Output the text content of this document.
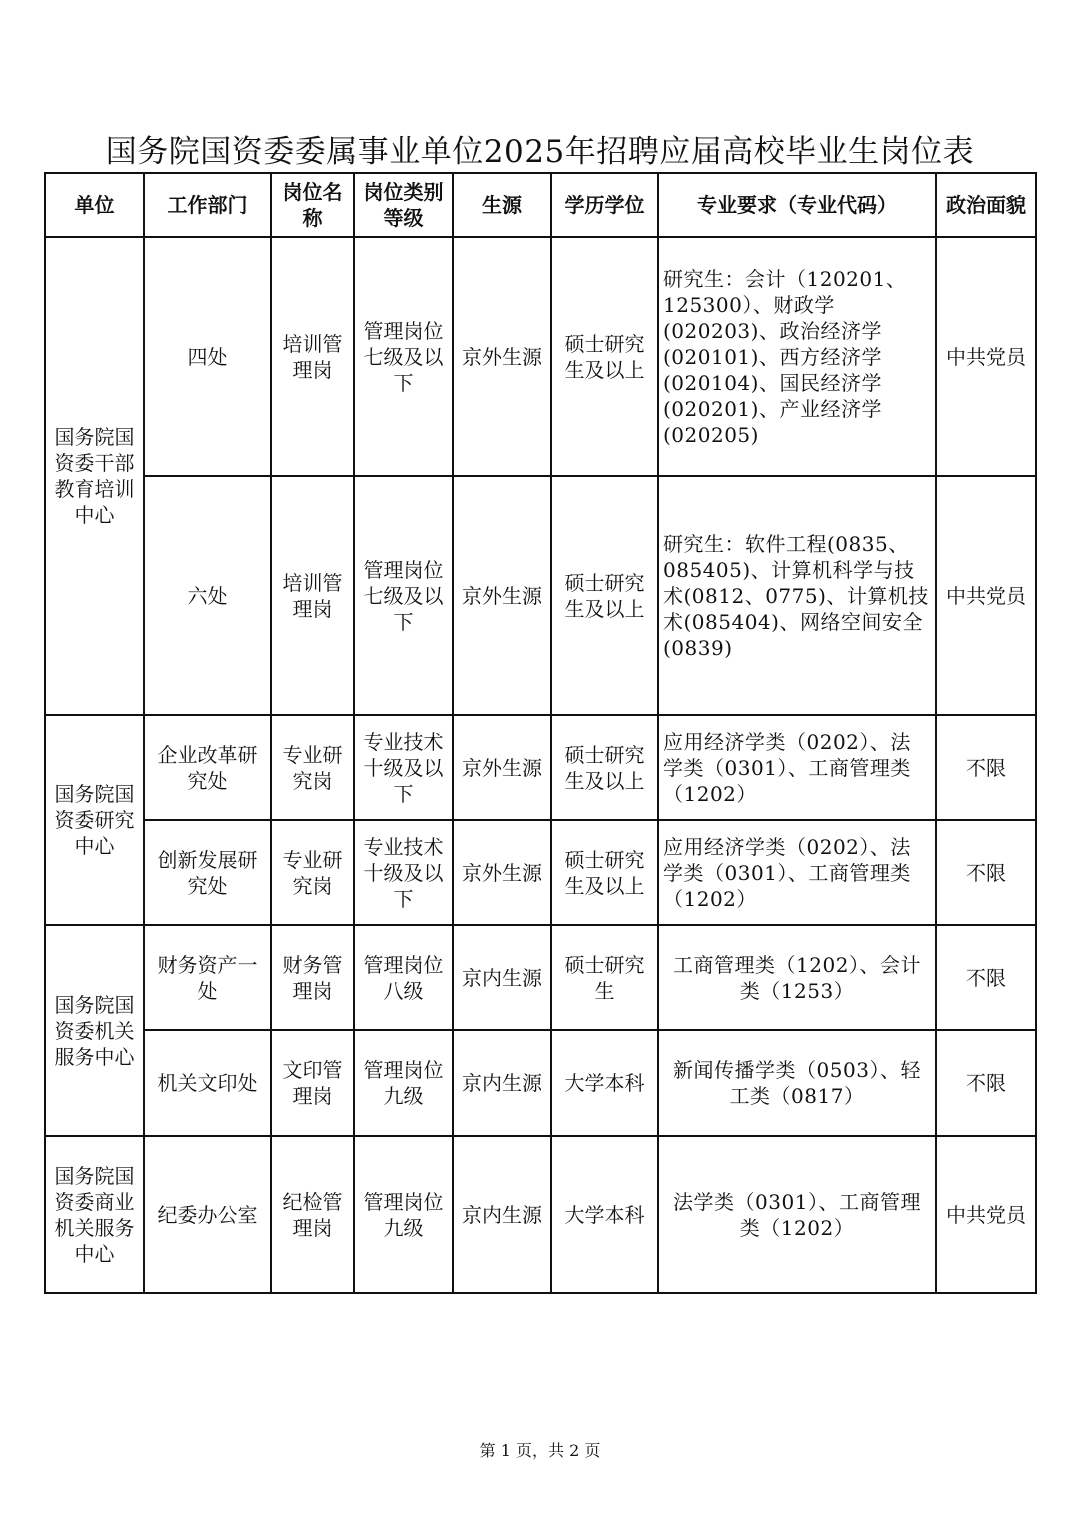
国务院国资委委属事业单位2025年招聘应届高校毕业生岗位表
单位	工作部门	岗位名称	岗位类别等级	生源	学历学位	专业要求（专业代码）	政治面貌
国务院国资委干部教育培训中心	四处	培训管理岗	管理岗位七级及以下	京外生源	硕士研究生及以上	研究生：会计（120201、125300）、财政学(020203)、政治经济学(020101)、西方经济学(020104)、国民经济学(020201)、产业经济学(020205)	中共党员
	六处	培训管理岗	管理岗位七级及以下	京外生源	硕士研究生及以上	研究生：软件工程(0835、085405)、计算机科学与技术(0812、0775)、计算机技术(085404)、网络空间安全(0839)	中共党员
国务院国资委研究中心	企业改革研究处	专业研究岗	专业技术十级及以下	京外生源	硕士研究生及以上	应用经济学类（0202）、法学类（0301）、工商管理类（1202）	不限
	创新发展研究处	专业研究岗	专业技术十级及以下	京外生源	硕士研究生及以上	应用经济学类（0202）、法学类（0301）、工商管理类（1202）	不限
国务院国资委机关服务中心	财务资产一处	财务管理岗	管理岗位八级	京内生源	硕士研究生	工商管理类（1202）、会计类（1253）	不限
	机关文印处	文印管理岗	管理岗位九级	京内生源	大学本科	新闻传播学类（0503）、轻工类（0817）	不限
国务院国资委商业机关服务中心	纪委办公室	纪检管理岗	管理岗位九级	京内生源	大学本科	法学类（0301）、工商管理类（1202）	中共党员
第 1 页，共 2 页
